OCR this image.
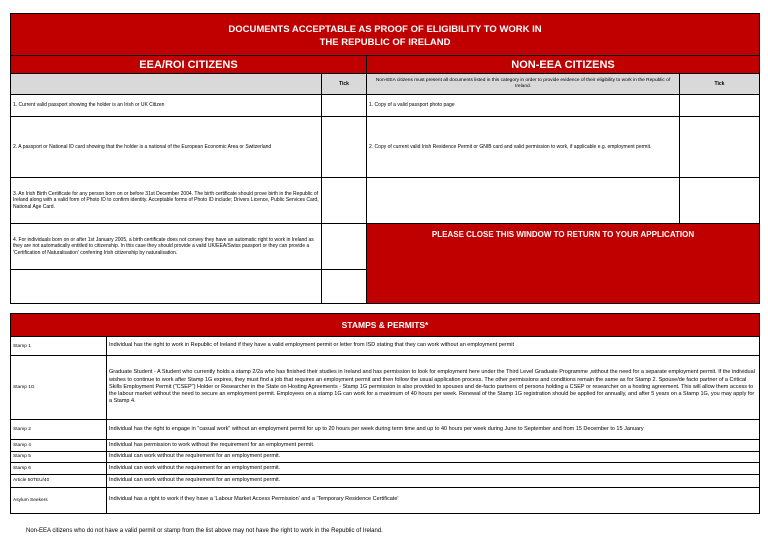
DOCUMENTS ACCEPTABLE AS PROOF OF ELIGIBILITY TO WORK IN
THE REPUBLIC OF IRELAND			

EEA/ROI CITIZENS		NON-EEA CITIZENS	
	Tick	Non-EEA citizens must present all documents listed in this category in order to provide evidence of their eligibility to work in the Republic of Ireland.	Tick
1. Current valid passport showing the holder is an Irish or UK Citizen		1. Copy of a valid passport photo page	
2. A passport or National ID card showing that the holder is a national of the European Economic Area or Switzerland		2. Copy of current valid Irish Residence Permit or GNIB card and valid permission to work, if applicable e.g. employment permit.	
3. An Irish Birth Certificate for any person born on or before 31st December 2004. The birth certificate should prove birth in the Republic of Ireland along with a valid form of Photo ID to confirm identity. Acceptable forms of Photo ID include; Drivers Licence, Public Services Card, National Age Card.			
4. For individuals born on or after 1st January 2005, a birth certificate does not convey they have an automatic right to work in Ireland as they are not automatically entitled to citizenship. In this case they should provide a valid UK/EEA/Swiss passport or they can provide a 'Certification of Naturalisation' conferring Irish citizenship by naturalisation.		PLEASE CLOSE THIS WINDOW TO RETURN TO YOUR APPLICATION	

STAMPS & PERMITS*	
Stamp 1	Individual has the right to work in Republic of Ireland if they have a valid employment permit or letter from ISD stating that they can work without an employment permit
Stamp 1G	Graduate Student - A Student who currently holds a stamp 2/2a who has finished their studies in Ireland and has permission to look for employment here under the Third Level Graduate Programme ,without the need for a separate employment permit. If the individual wishes to continue to work after Stamp 1G expires, they must find a job that requires an employment permit and then follow the usual application process. The other permissions and conditions remain the same as for Stamp 2. Spouse/de facto partner of a Critical Skills Employment Permit ("CSEP") Holder or Researcher in the State on Hosting Agreements - Stamp 1G permission is also provided to spouses and de-facto partners of persons holding a CSEP or researcher on a hosting agreement. This will allow them access to the labour market without the need to secure an employment permit. Employees on a stamp 1G can work for a maximum of 40 hours per week. Renewal of the Stamp 1G registration should be applied for annually, and after 5 years on a Stamp 1G, you may apply for a Stamp 4.
Stamp 2	Individual has the right to engage in "casual work" without an employment permit for up to 20 hours per week during term time and up to 40 hours per week during June to September and from 15 December to 15 January
Stamp 4	Individual has permission to work without the requirement for an employment permit.
Stamp 5	Individual can work without the requirement for an employment permit.
Stamp 6	Individual can work without the requirement for an employment permit.
Article 50TEU/40	Individual can work without the requirement for an employment permit.
Asylum Seekers	Individual has a right to work if they have a 'Labour Market Access Permission' and a 'Temporary Residence Certificate'
Non-EEA citizens who do not have a valid permit or stamp from the list above may not have the right to work in the Republic of Ireland.
